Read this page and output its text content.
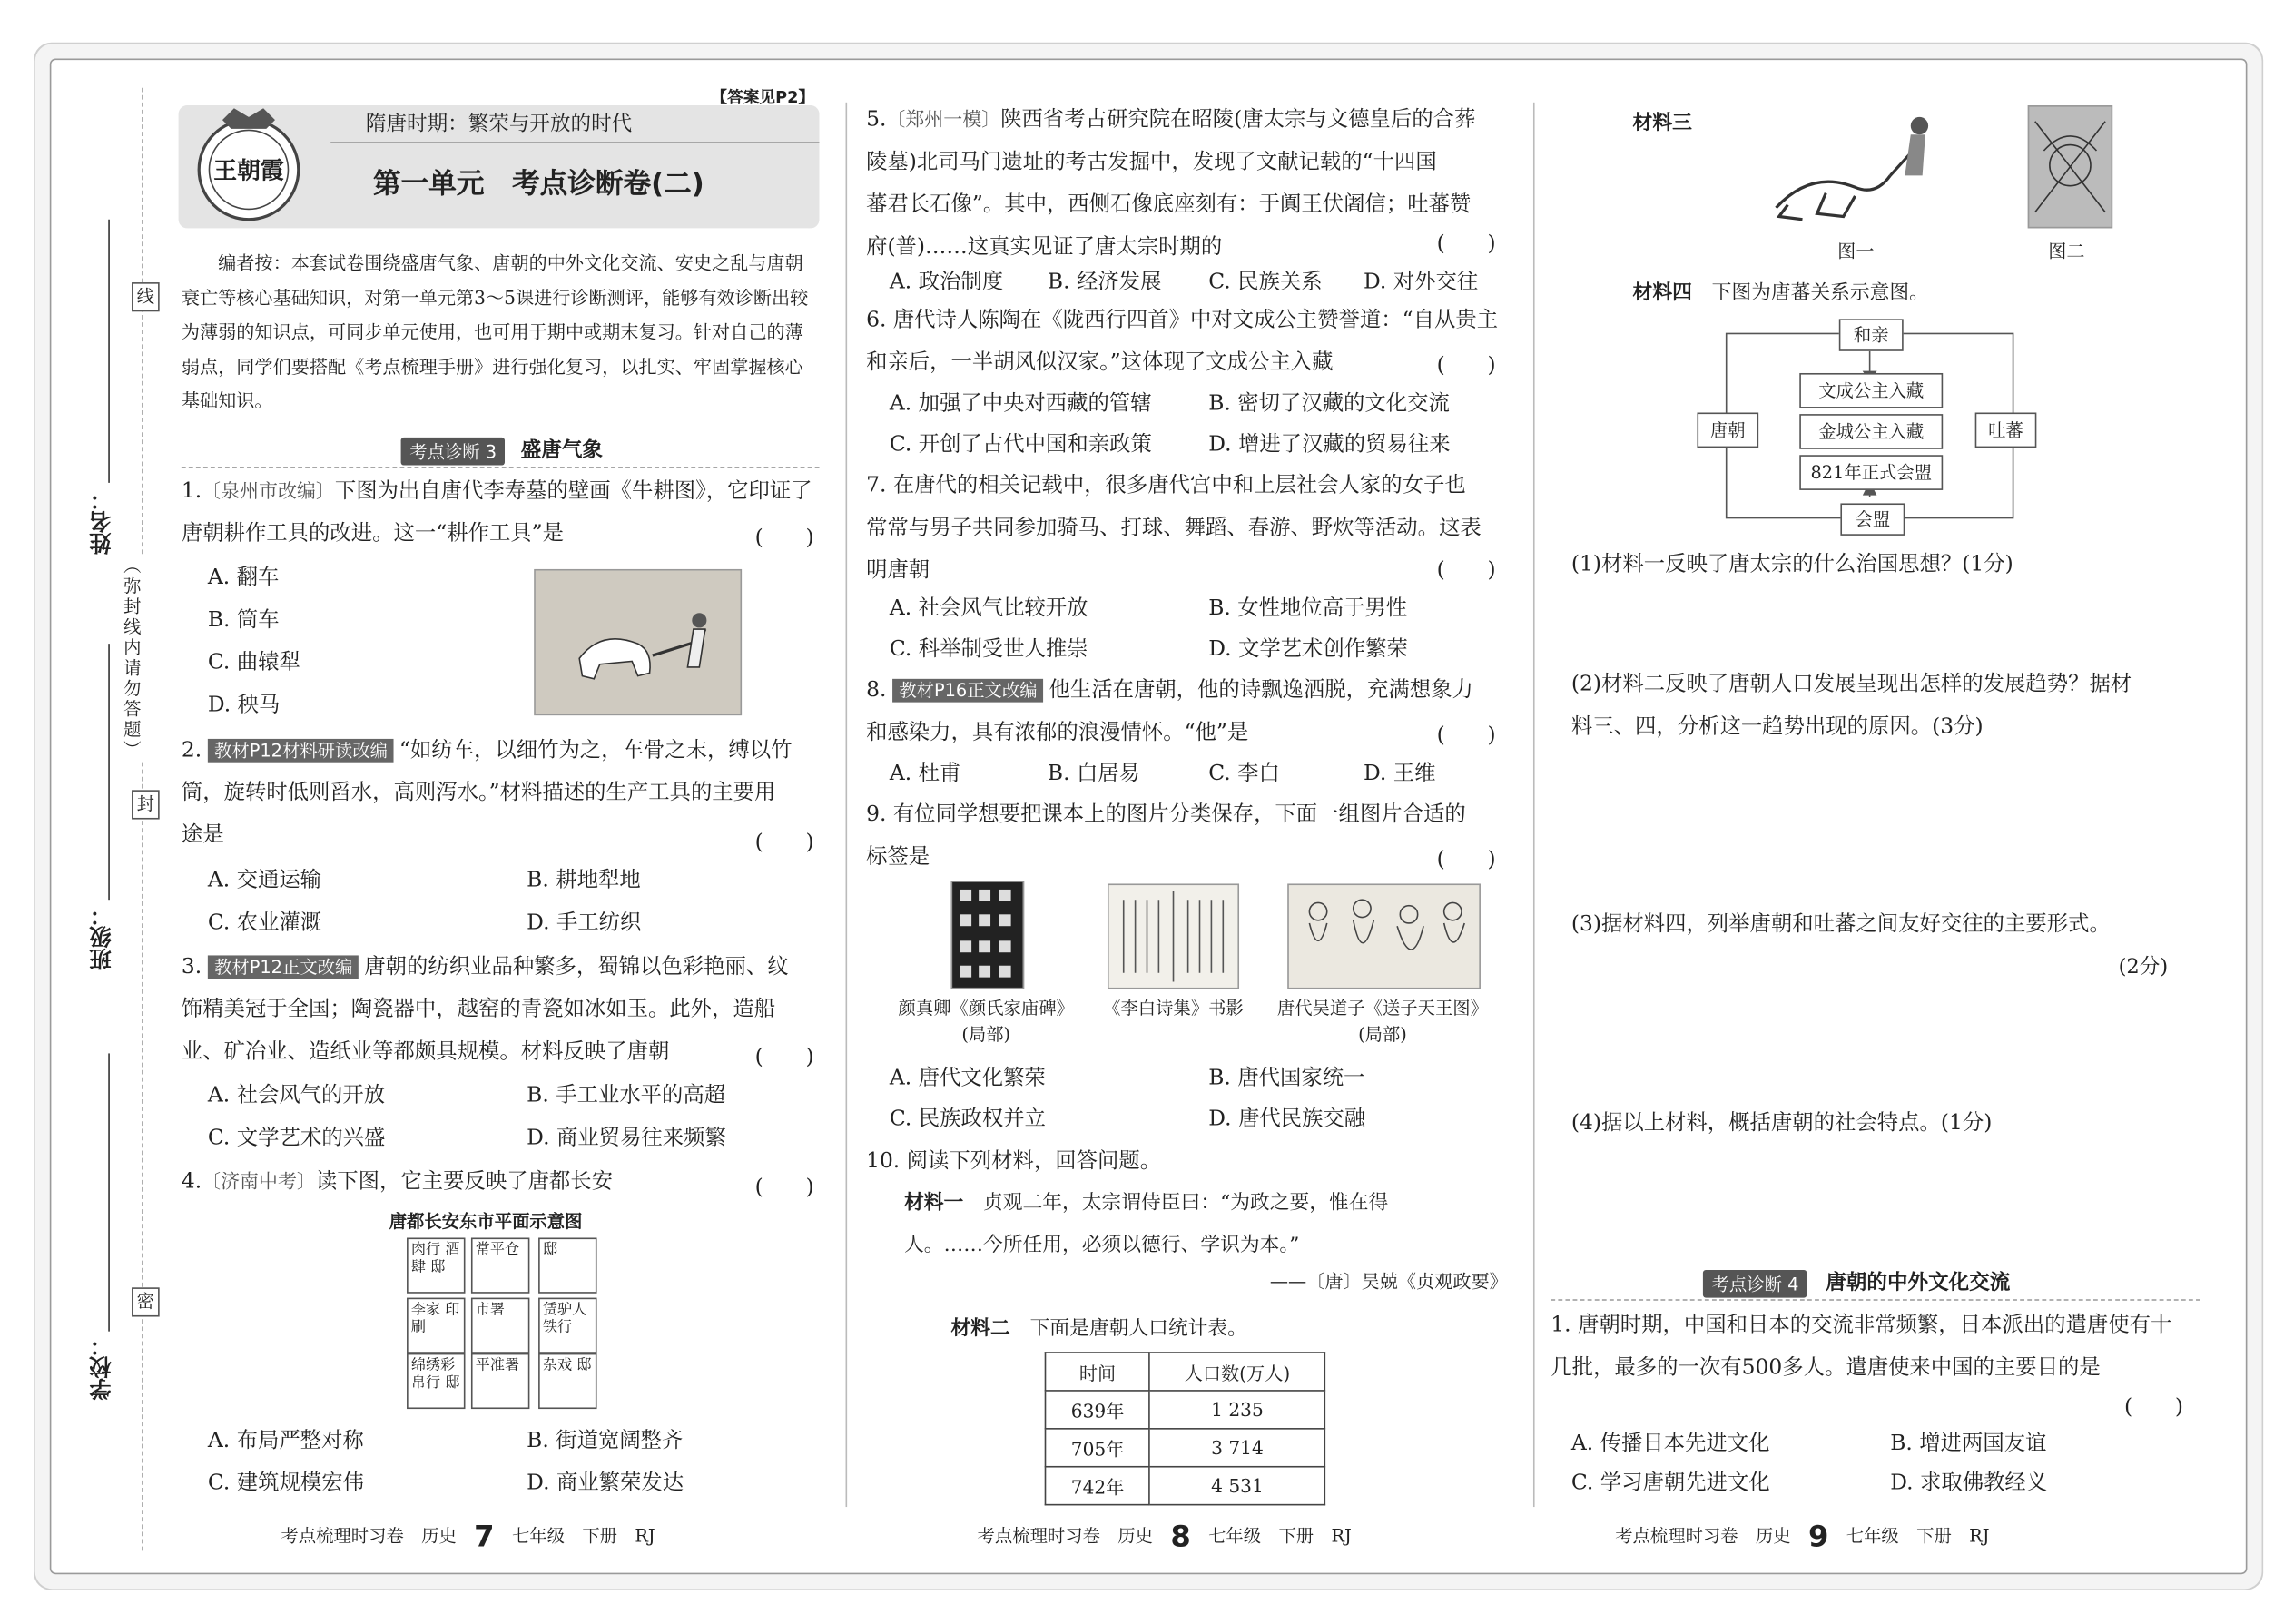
姓名：
班级：
学校：
线
封
密
（弥封线内请勿答题）
王朝霞
隋唐时期：繁荣与开放的时代
【答案见P2】
第一单元　考点诊断卷(二)
编者按：本套试卷围绕盛唐气象、唐朝的中外文化交流、安史之乱与唐朝衰亡等核心基础知识，对第一单元第3～5课进行诊断测评，能够有效诊断出较为薄弱的知识点，可同步单元使用，也可用于期中或期末复习。针对自己的薄弱点，同学们要搭配《考点梳理手册》进行强化复习，以扎实、牢固掌握核心基础知识。
考点诊断 3	盛唐气象
1.〔泉州市改编〕下图为出自唐代李寿墓的壁画《牛耕图》，它印证了
唐朝耕作工具的改进。这一“耕作工具”是	(　　)
A. 翻车
B. 筒车
C. 曲辕犁
D. 秧马
2. 教材P12材料研读改编 “如纺车，以细竹为之，车骨之末，缚以竹
筒，旋转时低则舀水，高则泻水。”材料描述的生产工具的主要用
途是	(　　)
A. 交通运输	B. 耕地犁地
C. 农业灌溉	D. 手工纺织
3. 教材P12正文改编 唐朝的纺织业品种繁多，蜀锦以色彩艳丽、纹
饰精美冠于全国；陶瓷器中，越窑的青瓷如冰如玉。此外，造船
业、矿冶业、造纸业等都颇具规模。材料反映了唐朝	(　　)
A. 社会风气的开放	B. 手工业水平的高超
C. 文学艺术的兴盛	D. 商业贸易往来频繁
4.〔济南中考〕读下图，它主要反映了唐都长安	(　　)
唐都长安东市平面示意图
肉行 酒肆 邸
常平仓	邸
李家 印刷
市署	赁驴人 铁行
绵绣彩 帛行 邸
平准署	杂戏 邸
A. 布局严整对称	B. 街道宽阔整齐
C. 建筑规模宏伟	D. 商业繁荣发达
5.〔郑州一模〕陕西省考古研究院在昭陵(唐太宗与文德皇后的合葬
陵墓)北司马门遗址的考古发掘中，发现了文献记载的“十四国
蕃君长石像”。其中，西侧石像底座刻有：于阗王伏阇信；吐蕃赞
府(普)……这真实见证了唐太宗时期的	(　　)
A. 政治制度	B. 经济发展	C. 民族关系	D. 对外交往
6. 唐代诗人陈陶在《陇西行四首》中对文成公主赞誉道：“自从贵主
和亲后，一半胡风似汉家。”这体现了文成公主入藏	(　　)
A. 加强了中央对西藏的管辖	B. 密切了汉藏的文化交流
C. 开创了古代中国和亲政策	D. 增进了汉藏的贸易往来
7. 在唐代的相关记载中，很多唐代宫中和上层社会人家的女子也
常常与男子共同参加骑马、打球、舞蹈、春游、野炊等活动。这表
明唐朝	(　　)
A. 社会风气比较开放	B. 女性地位高于男性
C. 科举制受世人推崇	D. 文学艺术创作繁荣
8. 教材P16正文改编 他生活在唐朝，他的诗飘逸洒脱，充满想象力
和感染力，具有浓郁的浪漫情怀。“他”是	(　　)
A. 杜甫	B. 白居易	C. 李白	D. 王维
9. 有位同学想要把课本上的图片分类保存，下面一组图片合适的
标签是	(　　)
颜真卿《颜氏家庙碑》
(局部)
《李白诗集》书影	唐代吴道子《送子天王图》
(局部)
A. 唐代文化繁荣	B. 唐代国家统一
C. 民族政权并立	D. 唐代民族交融
10. 阅读下列材料，回答问题。
材料一　 贞观二年，太宗谓侍臣曰：“为政之要，惟在得
人。……今所任用，必须以德行、学识为本。”
——〔唐〕吴兢《贞观政要》
材料二　 下面是唐朝人口统计表。
时间	人口数(万人)
639年	1 235
705年	3 714
742年	4 531
材料三
图一	图二
材料四　 下图为唐蕃关系示意图。
和亲
唐朝	吐蕃
文成公主入藏
金城公主入藏
821年正式会盟
会盟
(1)材料一反映了唐太宗的什么治国思想？(1分)
(2)材料二反映了唐朝人口发展呈现出怎样的发展趋势？据材
料三、四，分析这一趋势出现的原因。(3分)
(3)据材料四，列举唐朝和吐蕃之间友好交往的主要形式。
(2分)
(4)据以上材料，概括唐朝的社会特点。(1分)
考点诊断 4	唐朝的中外文化交流
1. 唐朝时期，中国和日本的交流非常频繁，日本派出的遣唐使有十
几批，最多的一次有500多人。遣唐使来中国的主要目的是
(　　)
A. 传播日本先进文化	B. 增进两国友谊
C. 学习唐朝先进文化	D. 求取佛教经义
考点梳理时习卷　历史 7 七年级　下册　RJ	考点梳理时习卷　历史 8 七年级　下册　RJ	考点梳理时习卷　历史 9 七年级　下册　RJ
